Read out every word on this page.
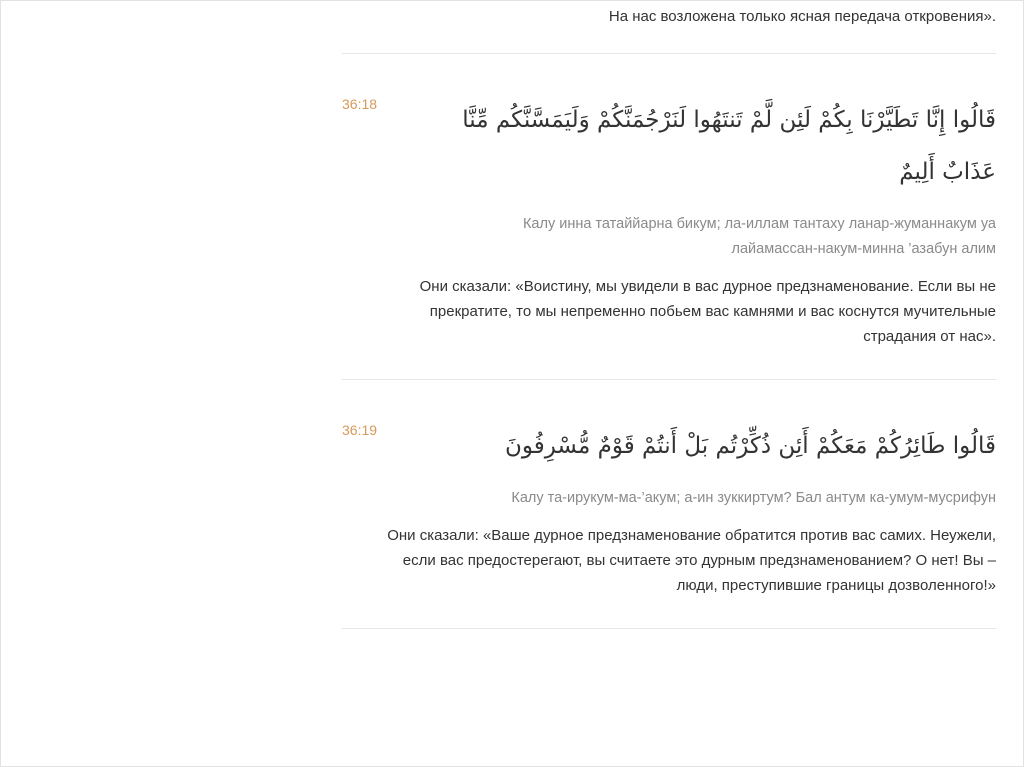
На нас возложена только ясная передача откровения».

36:18

قَالُوا إِنَّا تَطَيَّرْنَا بِكُمْ لَئِن لَّمْ تَنتَهُوا لَنَرْجُمَنَّكُمْ وَلَيَمَسَّنَّكُم مِّنَّا عَذَابٌ أَلِيمٌ

Калу инна татаййарна бикум; ла-иллам тантаху ланар-жуманнакум уа лайамассан-накум-минна ’азабун алим

Они сказали: «Воистину, мы увидели в вас дурное предзнаменование. Если вы не прекратите, то мы непременно побьем вас камнями и вас коснутся мучительные страдания от нас».

36:19

قَالُوا طَائِرُكُمْ مَعَكُمْ أَئِن ذُكِّرْتُم بَلْ أَنتُمْ قَوْمٌ مُّسْرِفُونَ

Калу та-ирукум-ма-’акум; а-ин зуккиртум? Бал антум ка-умум-мусрифун

Они сказали: «Ваше дурное предзнаменование обратится против вас самих. Неужели, если вас предостерегают, вы считаете это дурным предзнаменованием? О нет! Вы – люди, преступившие границы дозволенного!»
